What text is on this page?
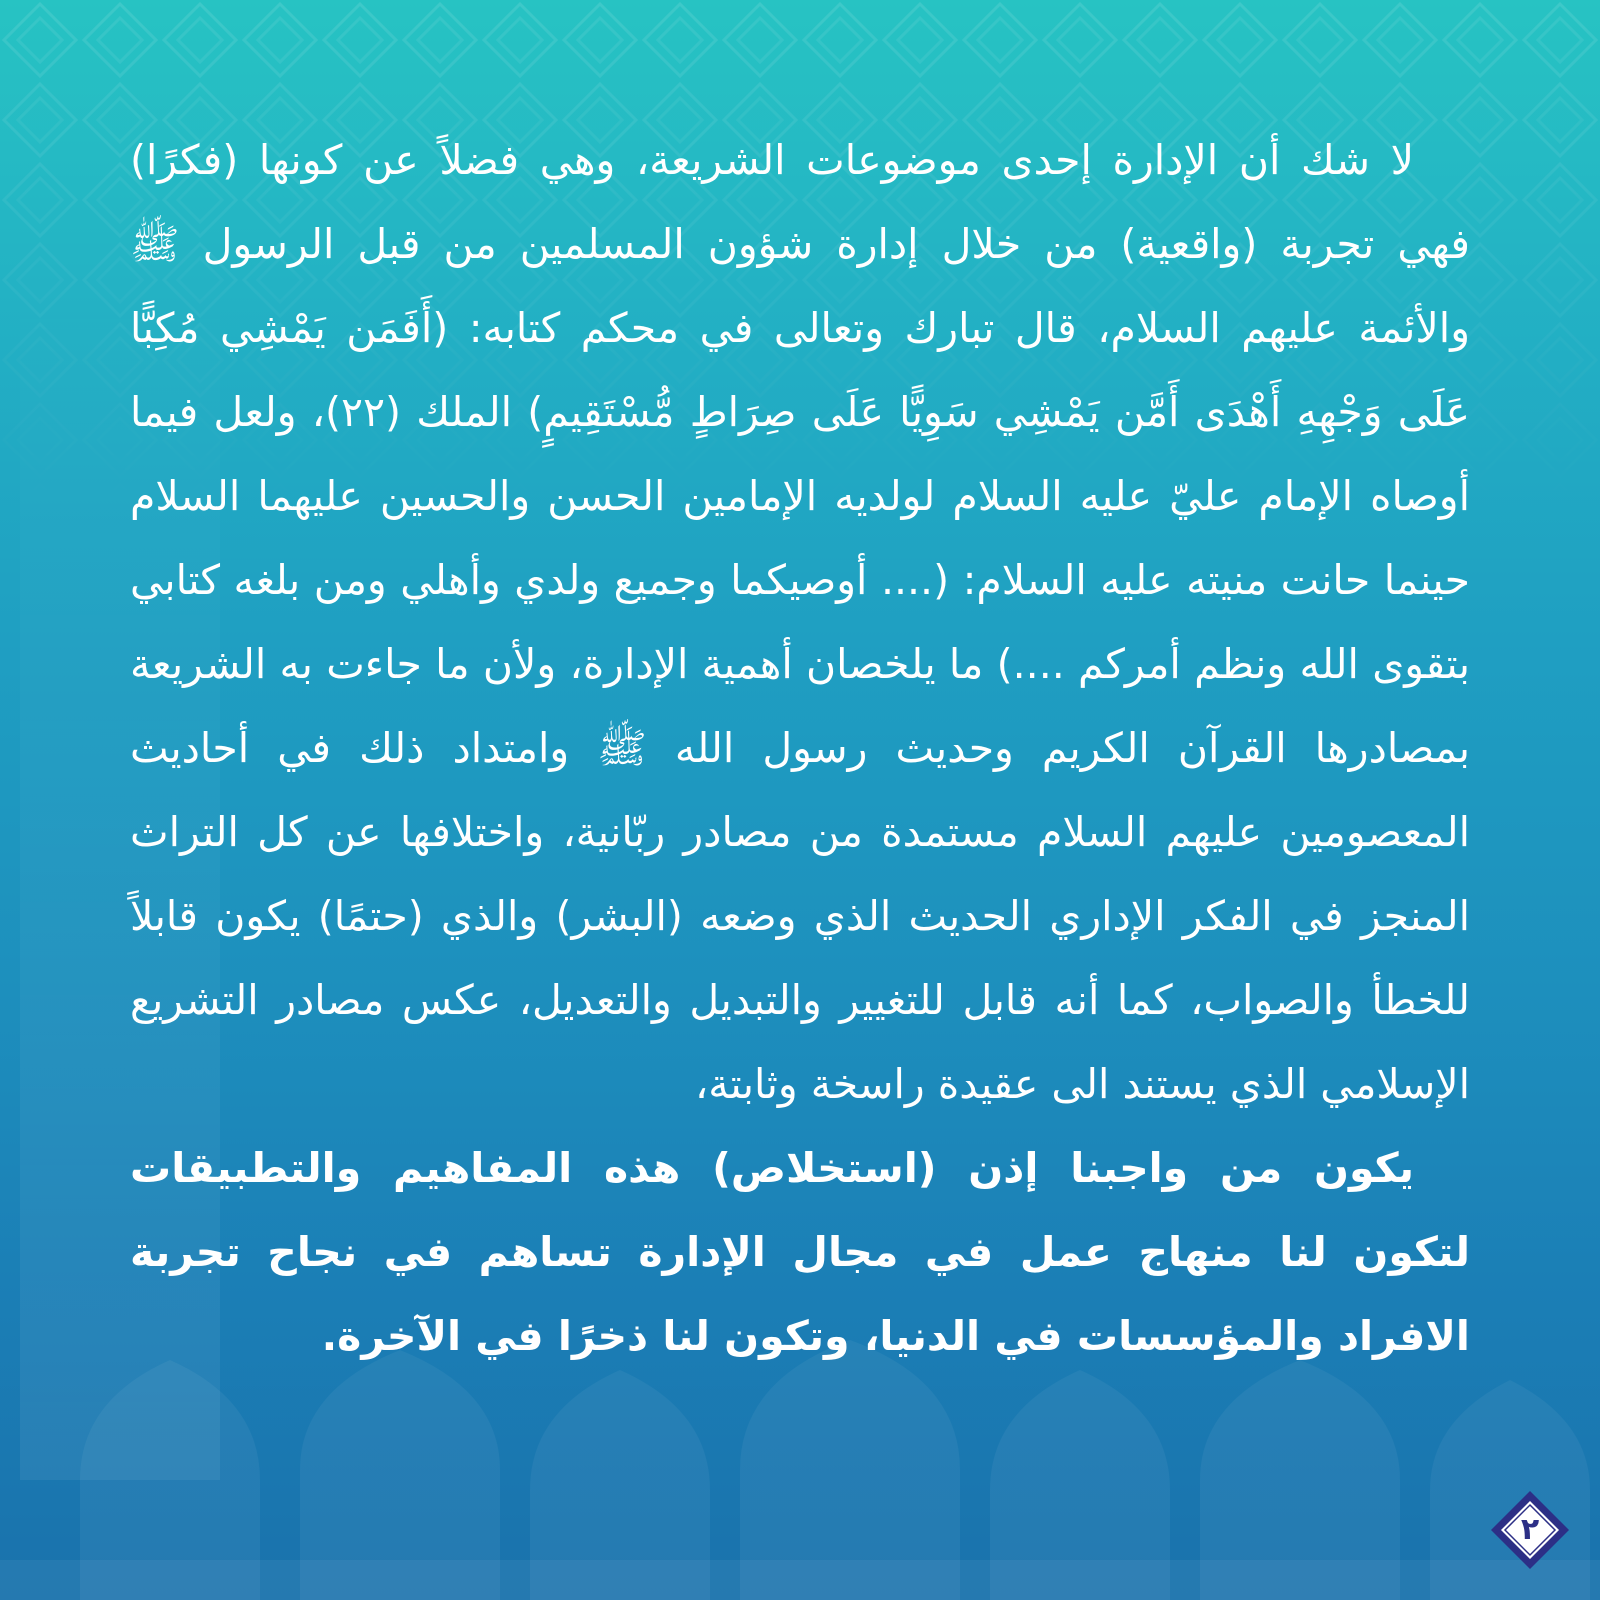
لا شك أن الإدارة إحدى موضوعات الشريعة، وهي فضلاً عن كونها (فكرًا) فهي تجربة (واقعية) من خلال إدارة شؤون المسلمين من قبل الرسول ﷺ والأئمة عليهم السلام، قال تبارك وتعالى في محكم كتابه: (أَفَمَن يَمْشِي مُكِبًّا عَلَى وَجْهِهِ أَهْدَى أَمَّن يَمْشِي سَوِيًّا عَلَى صِرَاطٍ مُّسْتَقِيمٍ) الملك (٢٢)، ولعل فيما أوصاه الإمام عليّ عليه السلام لولديه الإمامين الحسن والحسين عليهما السلام حينما حانت منيته عليه السلام: (.... أوصيكما وجميع ولدي وأهلي ومن بلغه كتابي بتقوى الله ونظم أمركم ....) ما يلخصان أهمية الإدارة، ولأن ما جاءت به الشريعة بمصادرها القرآن الكريم وحديث رسول الله ﷺ وامتداد ذلك في أحاديث المعصومين عليهم السلام مستمدة من مصادر ربّانية، واختلافها عن كل التراث المنجز في الفكر الإداري الحديث الذي وضعه (البشر) والذي (حتمًا) يكون قابلاً للخطأ والصواب، كما أنه قابل للتغيير والتبديل والتعديل، عكس مصادر التشريع الإسلامي الذي يستند الى عقيدة راسخة وثابتة،

يكون من واجبنا إذن (استخلاص) هذه المفاهيم والتطبيقات لتكون لنا منهاج عمل في مجال الإدارة تساهم في نجاح تجربة الافراد والمؤسسات في الدنيا، وتكون لنا ذخرًا في الآخرة.

٢
